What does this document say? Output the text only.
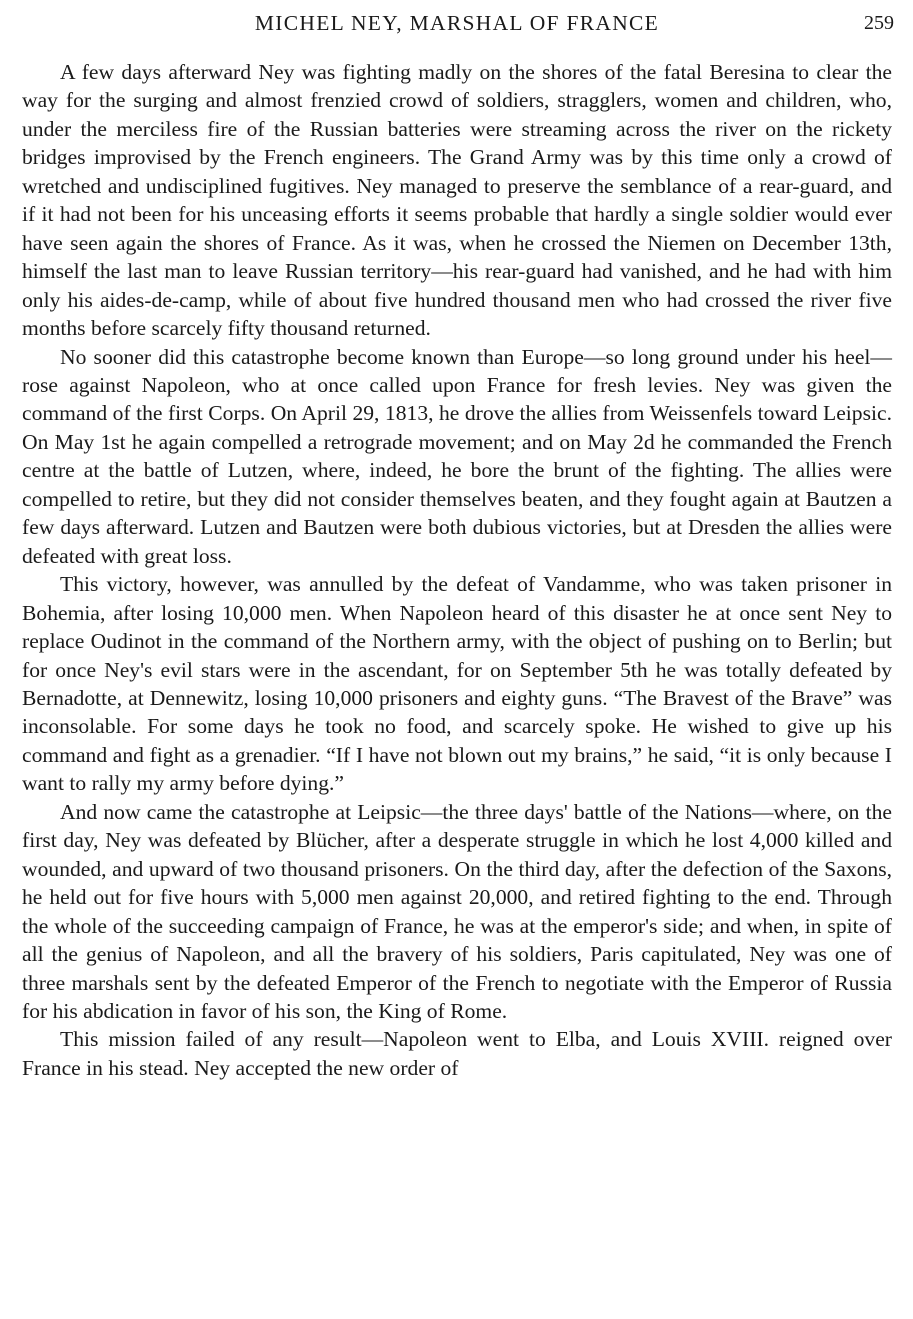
MICHEL NEY, MARSHAL OF FRANCE	259

A few days afterward Ney was fighting madly on the shores of the fatal Beresina to clear the way for the surging and almost frenzied crowd of soldiers, stragglers, women and children, who, under the merciless fire of the Russian batteries were streaming across the river on the rickety bridges improvised by the French engineers. The Grand Army was by this time only a crowd of wretched and undisciplined fugitives. Ney managed to preserve the semblance of a rear-guard, and if it had not been for his unceasing efforts it seems probable that hardly a single soldier would ever have seen again the shores of France. As it was, when he crossed the Niemen on December 13th, himself the last man to leave Russian territory—his rear-guard had vanished, and he had with him only his aides-de-camp, while of about five hundred thousand men who had crossed the river five months before scarcely fifty thousand returned.

No sooner did this catastrophe become known than Europe—so long ground under his heel—rose against Napoleon, who at once called upon France for fresh levies. Ney was given the command of the first Corps. On April 29, 1813, he drove the allies from Weissenfels toward Leipsic. On May 1st he again compelled a retrograde movement; and on May 2d he commanded the French centre at the battle of Lutzen, where, indeed, he bore the brunt of the fighting. The allies were compelled to retire, but they did not consider themselves beaten, and they fought again at Bautzen a few days afterward. Lutzen and Bautzen were both dubious victories, but at Dresden the allies were defeated with great loss.

This victory, however, was annulled by the defeat of Vandamme, who was taken prisoner in Bohemia, after losing 10,000 men. When Napoleon heard of this disaster he at once sent Ney to replace Oudinot in the command of the Northern army, with the object of pushing on to Berlin; but for once Ney's evil stars were in the ascendant, for on September 5th he was totally defeated by Bernadotte, at Dennewitz, losing 10,000 prisoners and eighty guns. “The Bravest of the Brave” was inconsolable. For some days he took no food, and scarcely spoke. He wished to give up his command and fight as a grenadier. “If I have not blown out my brains,” he said, “it is only because I want to rally my army before dying.”

And now came the catastrophe at Leipsic—the three days' battle of the Nations—where, on the first day, Ney was defeated by Blücher, after a desperate struggle in which he lost 4,000 killed and wounded, and upward of two thousand prisoners. On the third day, after the defection of the Saxons, he held out for five hours with 5,000 men against 20,000, and retired fighting to the end. Through the whole of the succeeding campaign of France, he was at the emperor's side; and when, in spite of all the genius of Napoleon, and all the bravery of his soldiers, Paris capitulated, Ney was one of three marshals sent by the defeated Emperor of the French to negotiate with the Emperor of Russia for his abdication in favor of his son, the King of Rome.

This mission failed of any result—Napoleon went to Elba, and Louis XVIII. reigned over France in his stead. Ney accepted the new order of
